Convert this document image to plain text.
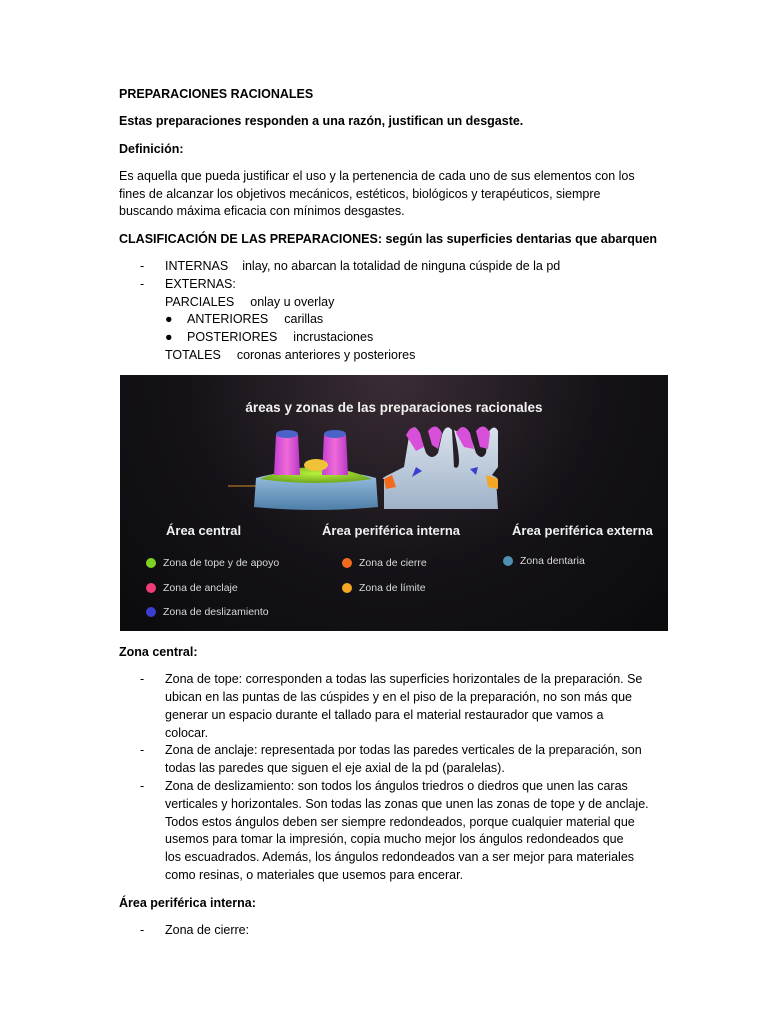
PREPARACIONES RACIONALES

Estas preparaciones responden a una razón, justifican un desgaste.

Definición:

Es aquella que pueda justificar el uso y la pertenencia de cada uno de sus elementos con los
fines de alcanzar los objetivos mecánicos, estéticos, biológicos y terapéuticos, siempre
buscando máxima eficacia con mínimos desgastes.

CLASIFICACIÓN DE LAS PREPARACIONES: según las superficies dentarias que abarquen

- INTERNAS inlay, no abarcan la totalidad de ninguna cúspide de la pd
-	EXTERNAS:
PARCIALES onlay u overlay
● ANTERIORES carillas
● POSTERIORES incrustaciones
TOTALES coronas anteriores y posteriores
áreas y zonas de las preparaciones racionales
Área central	Área periférica interna	Área periférica externa
Zona de tope y de apoyo
Zona de anclaje
Zona de deslizamiento
Zona de cierre
Zona de límite
Zona dentaria

Zona central:

- Zona de tope: corresponden a todas las superficies horizontales de la preparación. Se
ubican en las puntas de las cúspides y en el piso de la preparación, no son más que
generar un espacio durante el tallado para el material restaurador que vamos a
colocar.
- Zona de anclaje: representada por todas las paredes verticales de la preparación, son
todas las paredes que siguen el eje axial de la pd (paralelas).
- Zona de deslizamiento: son todos los ángulos triedros o diedros que unen las caras
verticales y horizontales. Son todas las zonas que unen las zonas de tope y de anclaje.
Todos estos ángulos deben ser siempre redondeados, porque cualquier material que
usemos para tomar la impresión, copia mucho mejor los ángulos redondeados que
los escuadrados. Además, los ángulos redondeados van a ser mejor para materiales
como resinas, o materiales que usemos para encerar.

Área periférica interna:

- Zona de cierre:
